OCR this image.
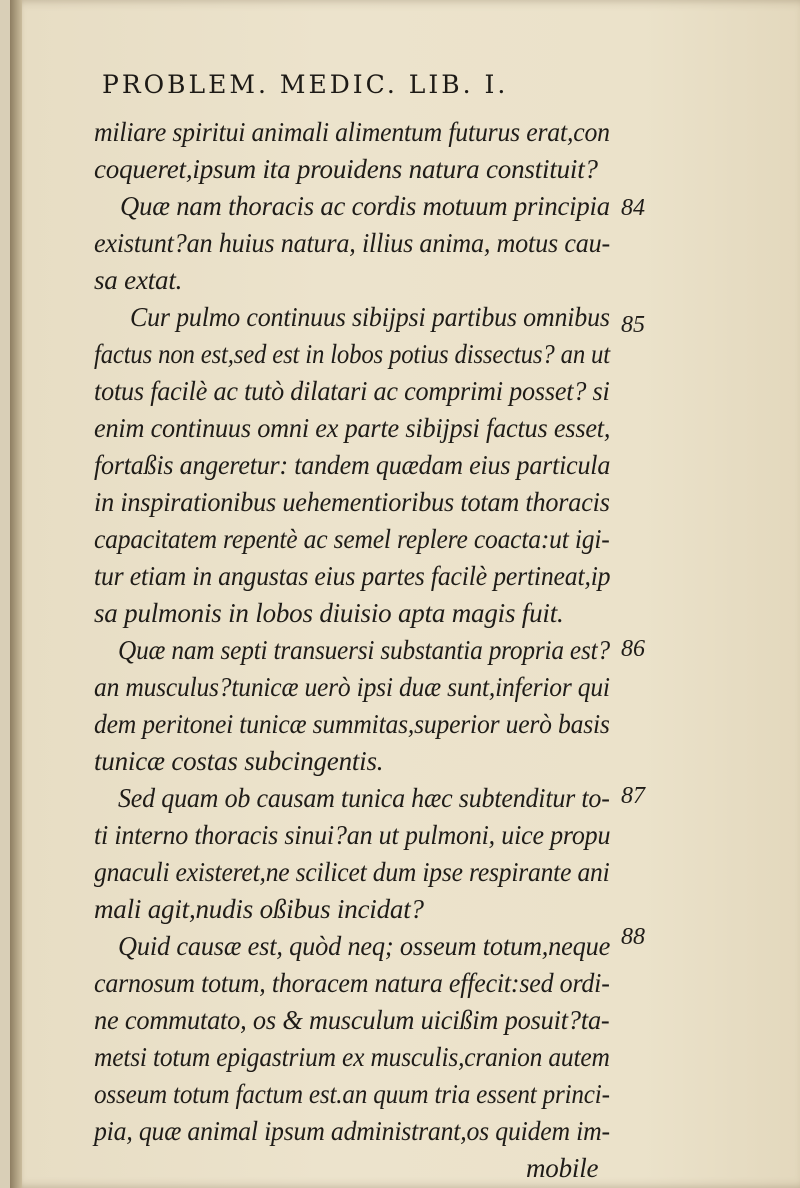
PROBLEM. MEDIC. LIB. I.
miliare spiritui animali alimentum futurus erat,con
coqueret,ipsum ita prouidens natura constituit?
Quæ nam thoracis ac cordis motuum principia
existunt?an huius natura, illius anima, motus cau-
sa extat.
Cur pulmo continuus sibijpsi partibus omnibus
factus non est,sed est in lobos potius dissectus? an ut
totus facilè ac tutò dilatari ac comprimi posset? si
enim continuus omni ex parte sibijpsi factus esset,
fortaßis angeretur: tandem quædam eius particula
in inspirationibus uehementioribus totam thoracis
capacitatem repentè ac semel replere coacta:ut igi-
tur etiam in angustas eius partes facilè pertineat,ip
sa pulmonis in lobos diuisio apta magis fuit.
Quæ nam septi transuersi substantia propria est?
an musculus?tunicæ uerò ipsi duæ sunt,inferior qui
dem peritonei tunicæ summitas,superior uerò basis
tunicæ costas subcingentis.
Sed quam ob causam tunica hæc subtenditur to-
ti interno thoracis sinui?an ut pulmoni, uice propu
gnaculi existeret,ne scilicet dum ipse respirante ani
mali agit,nudis oßibus incidat?
Quid causæ est, quòd neq; osseum totum,neque
carnosum totum, thoracem natura effecit:sed ordi-
ne commutato, os & musculum uicißim posuit?ta-
metsi totum epigastrium ex musculis,cranion autem
osseum totum factum est.an quum tria essent princi-
pia, quæ animal ipsum administrant,os quidem im-
mobile
84
85
86
87
88
